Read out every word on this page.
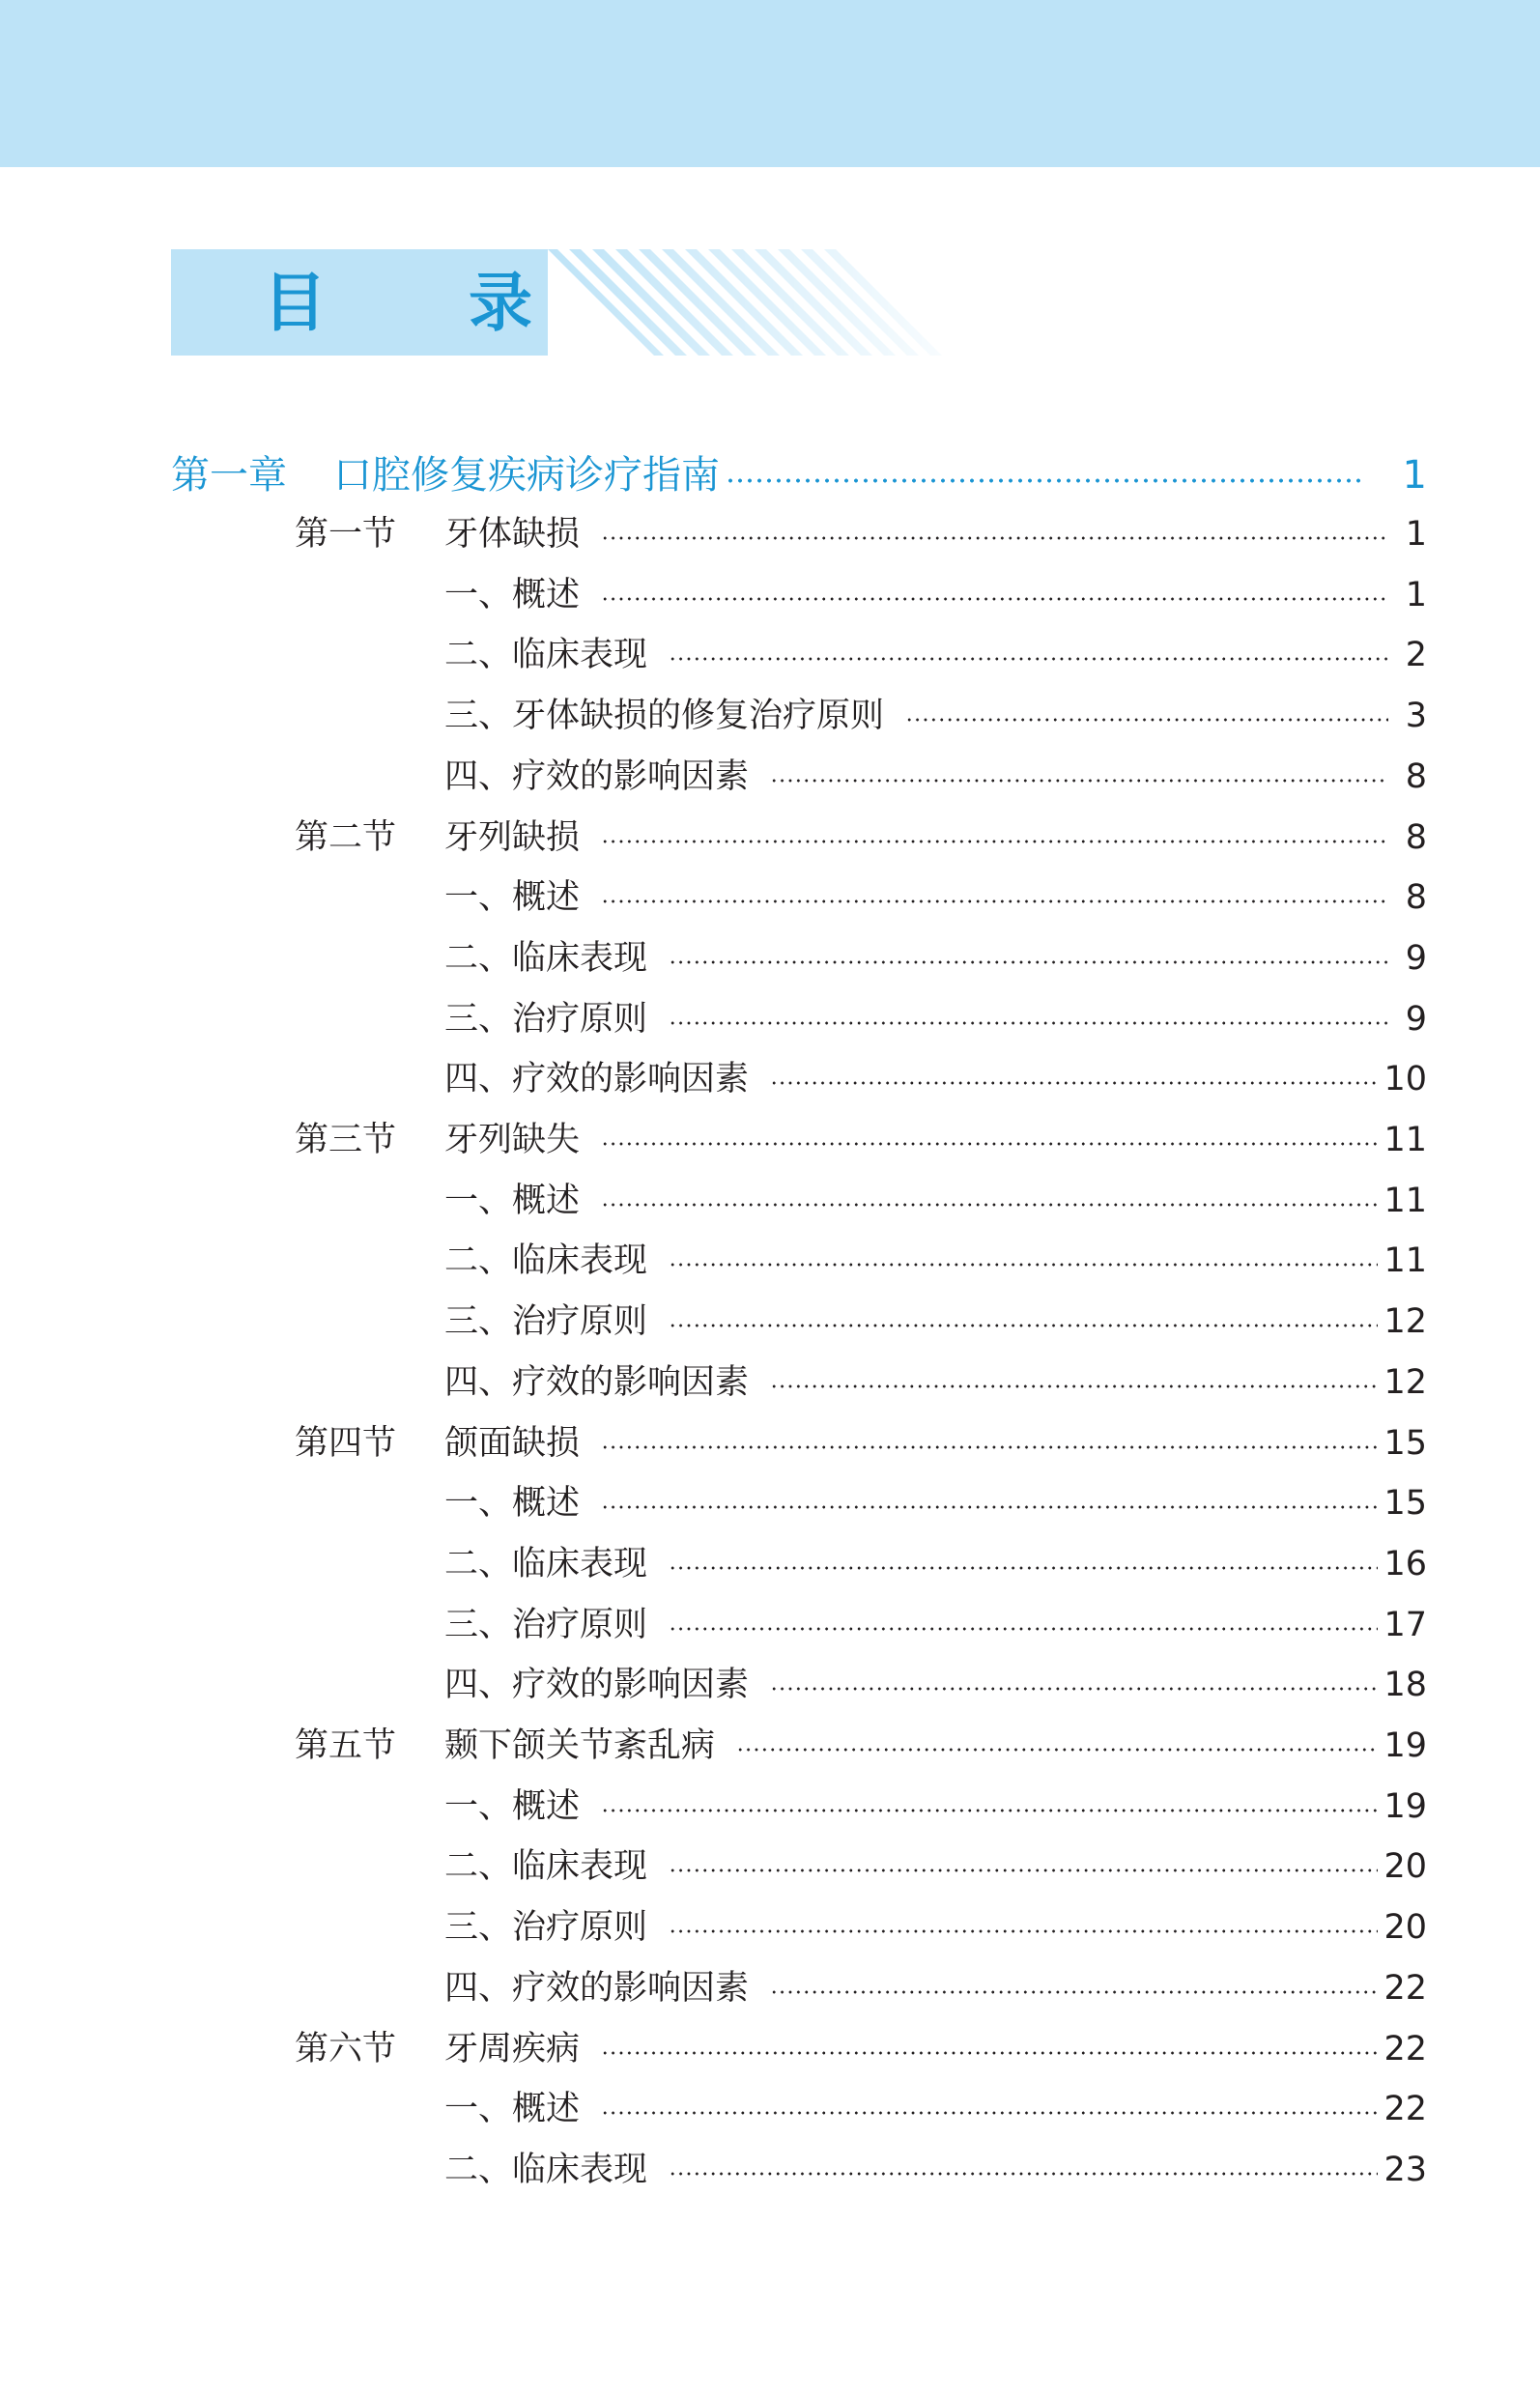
目 录
第一章 口腔修复疾病诊疗指南	1
第一节	牙体缺损	1
一、概述	1
二、临床表现	2
三、牙体缺损的修复治疗原则	3
四、疗效的影响因素	8
第二节	牙列缺损	8
一、概述	8
二、临床表现	9
三、治疗原则	9
四、疗效的影响因素	10
第三节	牙列缺失	11
一、概述	11
二、临床表现	11
三、治疗原则	12
四、疗效的影响因素	12
第四节	颌面缺损	15
一、概述	15
二、临床表现	16
三、治疗原则	17
四、疗效的影响因素	18
第五节	颞下颌关节紊乱病	19
一、概述	19
二、临床表现	20
三、治疗原则	20
四、疗效的影响因素	22
第六节	牙周疾病	22
一、概述	22
二、临床表现	23
